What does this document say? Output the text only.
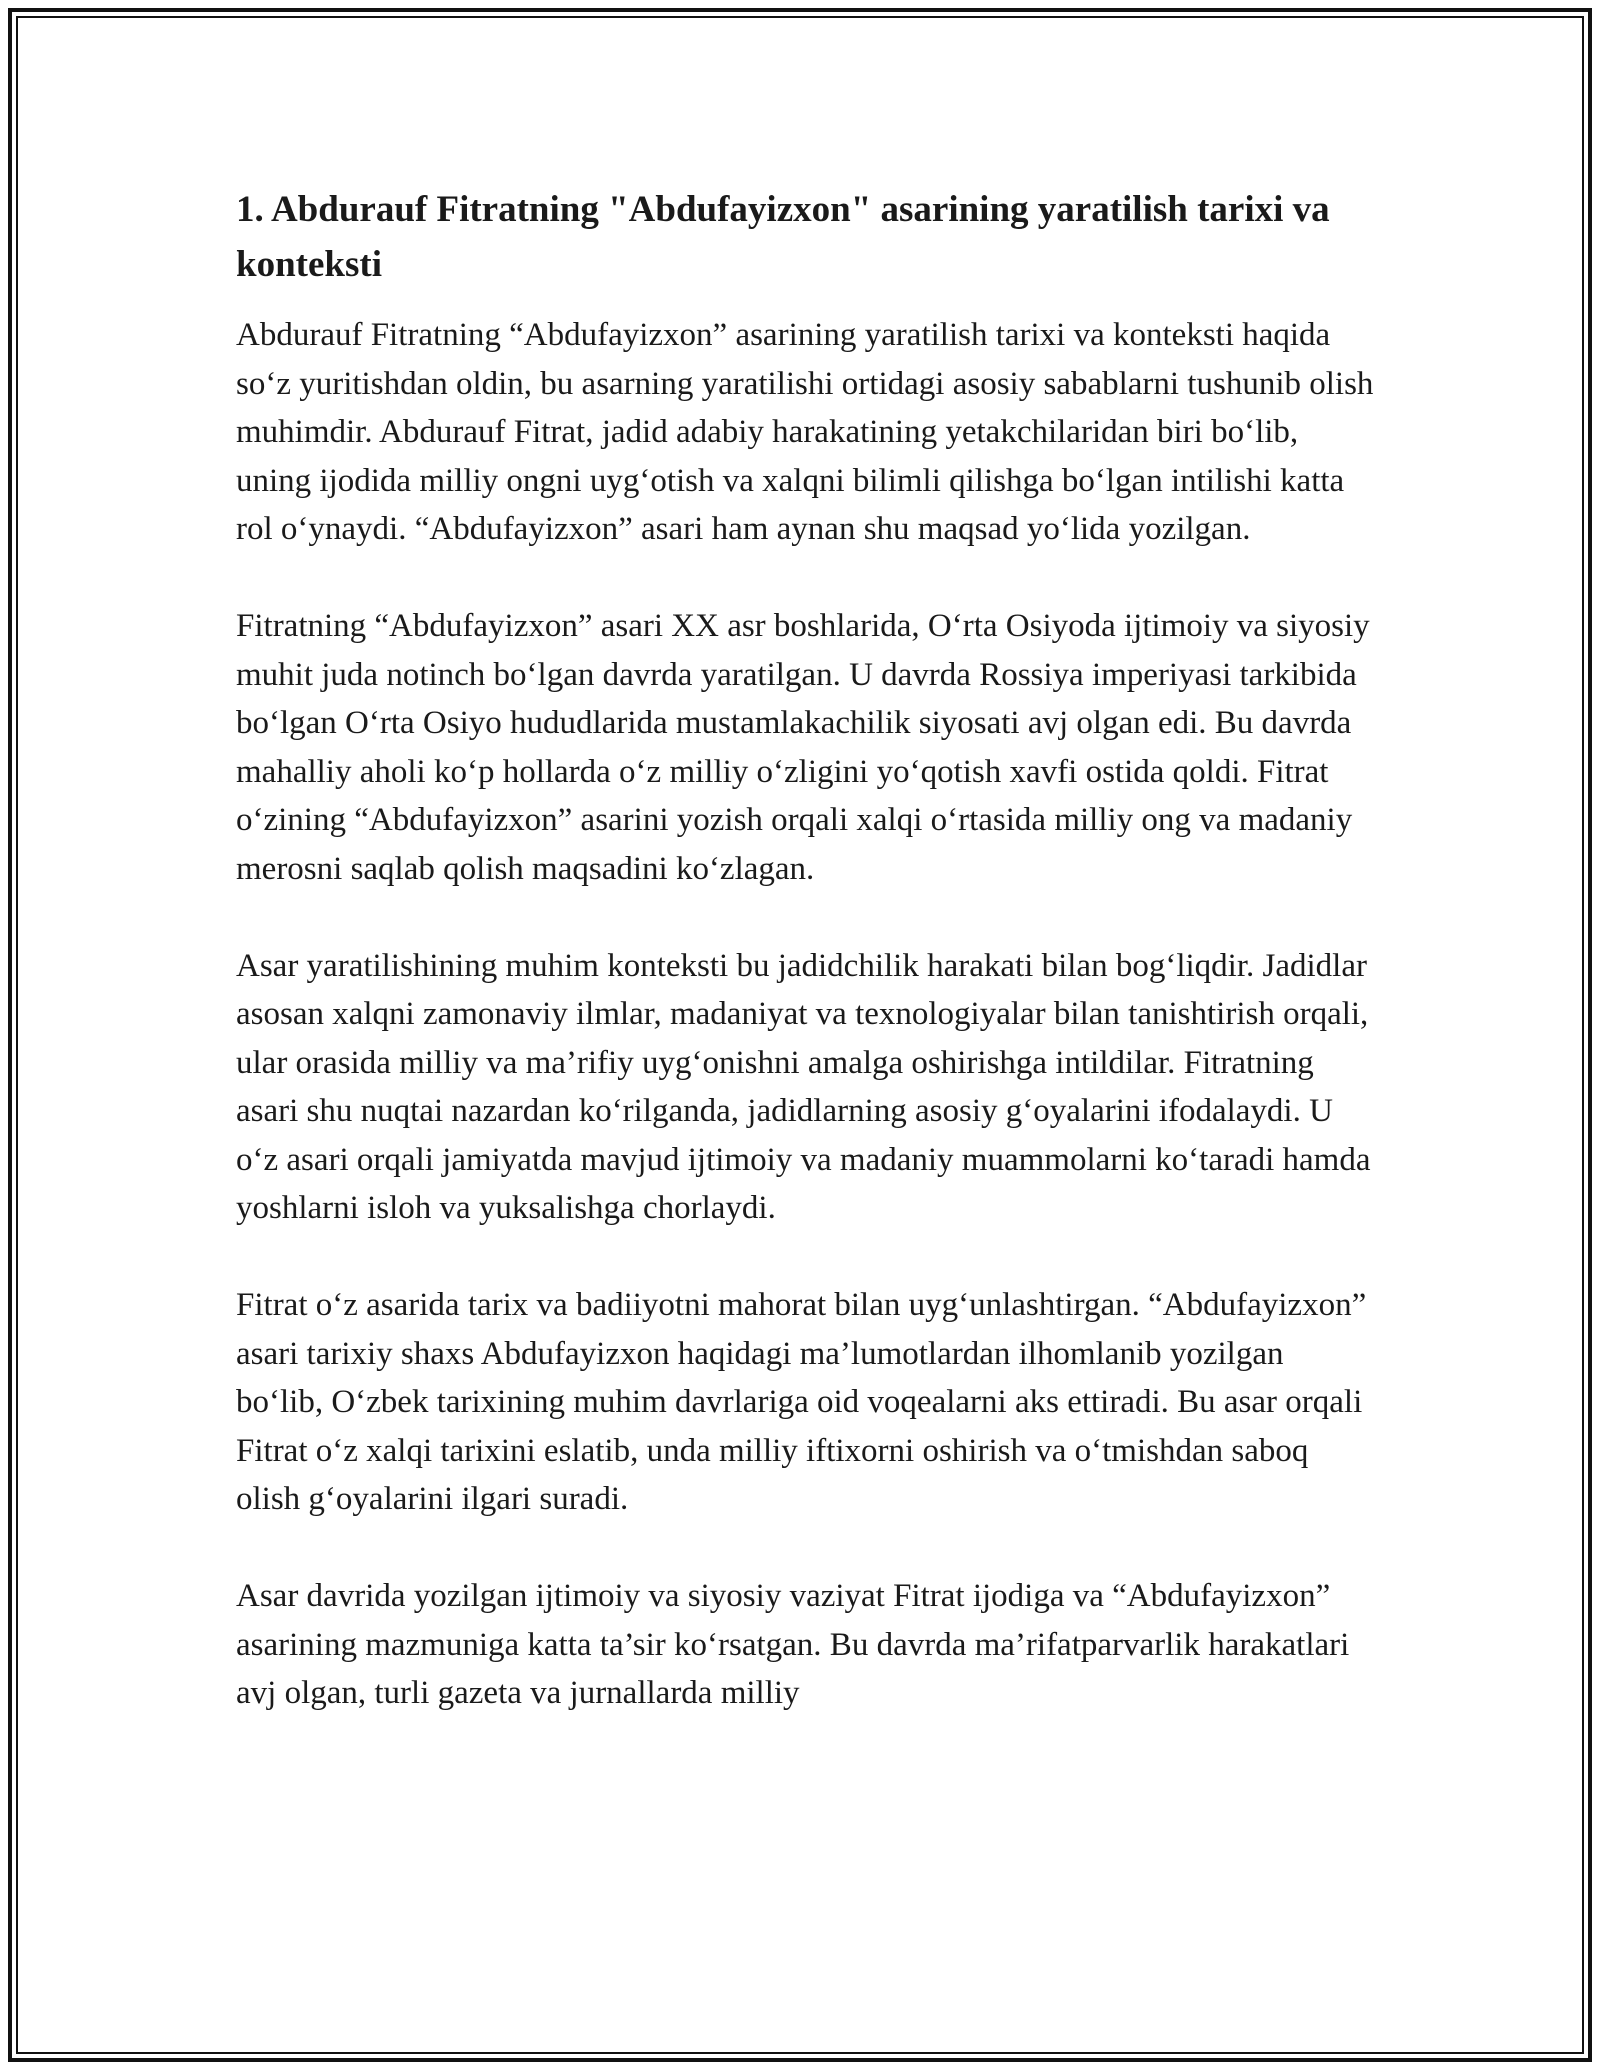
1. Abdurauf Fitratning "Abdufayizxon" asarining yaratilish tarixi va konteksti

Abdurauf Fitratning “Abdufayizxon” asarining yaratilish tarixi va konteksti haqida so‘z yuritishdan oldin, bu asarning yaratilishi ortidagi asosiy sabablarni tushunib olish muhimdir. Abdurauf Fitrat, jadid adabiy harakatining yetakchilaridan biri bo‘lib, uning ijodida milliy ongni uyg‘otish va xalqni bilimli qilishga bo‘lgan intilishi katta rol o‘ynaydi. “Abdufayizxon” asari ham aynan shu maqsad yo‘lida yozilgan.

Fitratning “Abdufayizxon” asari XX asr boshlarida, O‘rta Osiyoda ijtimoiy va siyosiy muhit juda notinch bo‘lgan davrda yaratilgan. U davrda Rossiya imperiyasi tarkibida bo‘lgan O‘rta Osiyo hududlarida mustamlakachilik siyosati avj olgan edi. Bu davrda mahalliy aholi ko‘p hollarda o‘z milliy o‘zligini yo‘qotish xavfi ostida qoldi. Fitrat o‘zining “Abdufayizxon” asarini yozish orqali xalqi o‘rtasida milliy ong va madaniy merosni saqlab qolish maqsadini ko‘zlagan.

Asar yaratilishining muhim konteksti bu jadidchilik harakati bilan bog‘liqdir. Jadidlar asosan xalqni zamonaviy ilmlar, madaniyat va texnologiyalar bilan tanishtirish orqali, ular orasida milliy va ma’rifiy uyg‘onishni amalga oshirishga intildilar. Fitratning asari shu nuqtai nazardan ko‘rilganda, jadidlarning asosiy g‘oyalarini ifodalaydi. U o‘z asari orqali jamiyatda mavjud ijtimoiy va madaniy muammolarni ko‘taradi hamda yoshlarni isloh va yuksalishga chorlaydi.

Fitrat o‘z asarida tarix va badiiyotni mahorat bilan uyg‘unlashtirgan. “Abdufayizxon” asari tarixiy shaxs Abdufayizxon haqidagi ma’lumotlardan ilhomlanib yozilgan bo‘lib, O‘zbek tarixining muhim davrlariga oid voqealarni aks ettiradi. Bu asar orqali Fitrat o‘z xalqi tarixini eslatib, unda milliy iftixorni oshirish va o‘tmishdan saboq olish g‘oyalarini ilgari suradi.

Asar davrida yozilgan ijtimoiy va siyosiy vaziyat Fitrat ijodiga va “Abdufayizxon” asarining mazmuniga katta ta’sir ko‘rsatgan. Bu davrda ma’rifatparvarlik harakatlari avj olgan, turli gazeta va jurnallarda milliy
